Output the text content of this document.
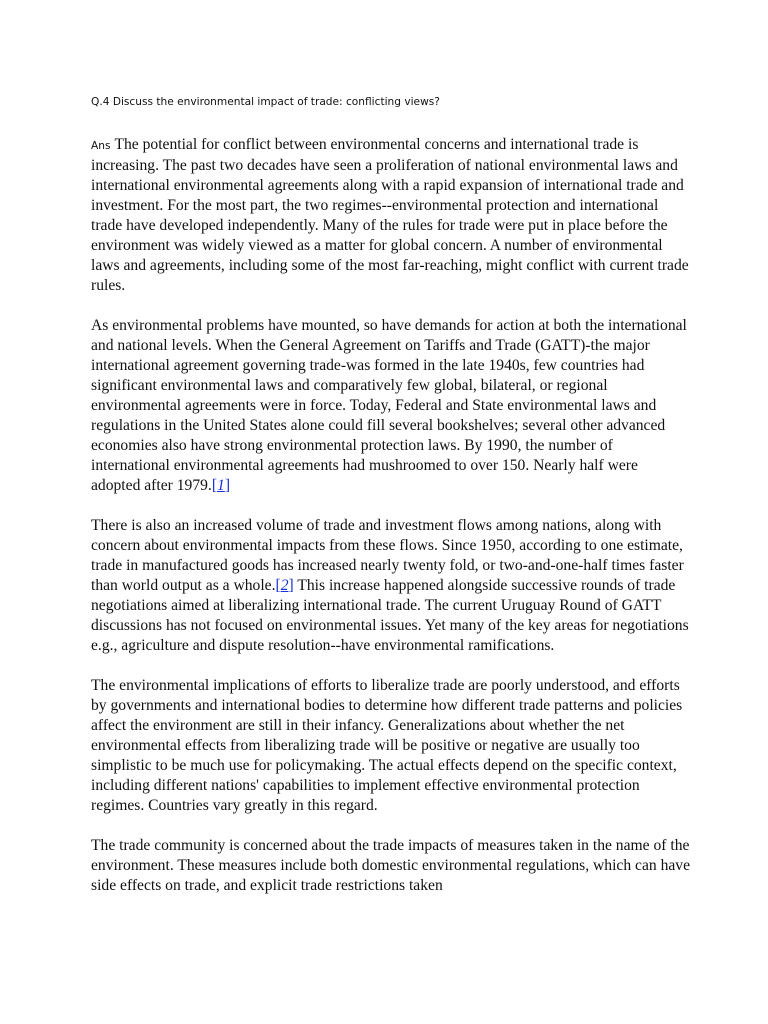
Q.4 Discuss the environmental impact of trade: conflicting views?

Ans The potential for conflict between environmental concerns and international trade is increasing. The past two decades have seen a proliferation of national environmental laws and international environmental agreements along with a rapid expansion of international trade and investment. For the most part, the two regimes--environmental protection and international trade have developed independently. Many of the rules for trade were put in place before the environment was widely viewed as a matter for global concern. A number of environmental laws and agreements, including some of the most far-reaching, might conflict with current trade rules.

As environmental problems have mounted, so have demands for action at both the international and national levels. When the General Agreement on Tariffs and Trade (GATT)-the major international agreement governing trade-was formed in the late 1940s, few countries had significant environmental laws and comparatively few global, bilateral, or regional environmental agreements were in force. Today, Federal and State environmental laws and regulations in the United States alone could fill several bookshelves; several other advanced economies also have strong environmental protection laws. By 1990, the number of international environmental agreements had mushroomed to over 150. Nearly half were adopted after 1979.[1]

There is also an increased volume of trade and investment flows among nations, along with concern about environmental impacts from these flows. Since 1950, according to one estimate, trade in manufactured goods has increased nearly twenty fold, or two-and-one-half times faster than world output as a whole.[2] This increase happened alongside successive rounds of trade negotiations aimed at liberalizing international trade. The current Uruguay Round of GATT discussions has not focused on environmental issues. Yet many of the key areas for negotiations e.g., agriculture and dispute resolution--have environmental ramifications.

The environmental implications of efforts to liberalize trade are poorly understood, and efforts by governments and international bodies to determine how different trade patterns and policies affect the environment are still in their infancy. Generalizations about whether the net environmental effects from liberalizing trade will be positive or negative are usually too simplistic to be much use for policymaking. The actual effects depend on the specific context, including different nations' capabilities to implement effective environmental protection regimes. Countries vary greatly in this regard.

The trade community is concerned about the trade impacts of measures taken in the name of the environment. These measures include both domestic environmental regulations, which can have side effects on trade, and explicit trade restrictions taken
